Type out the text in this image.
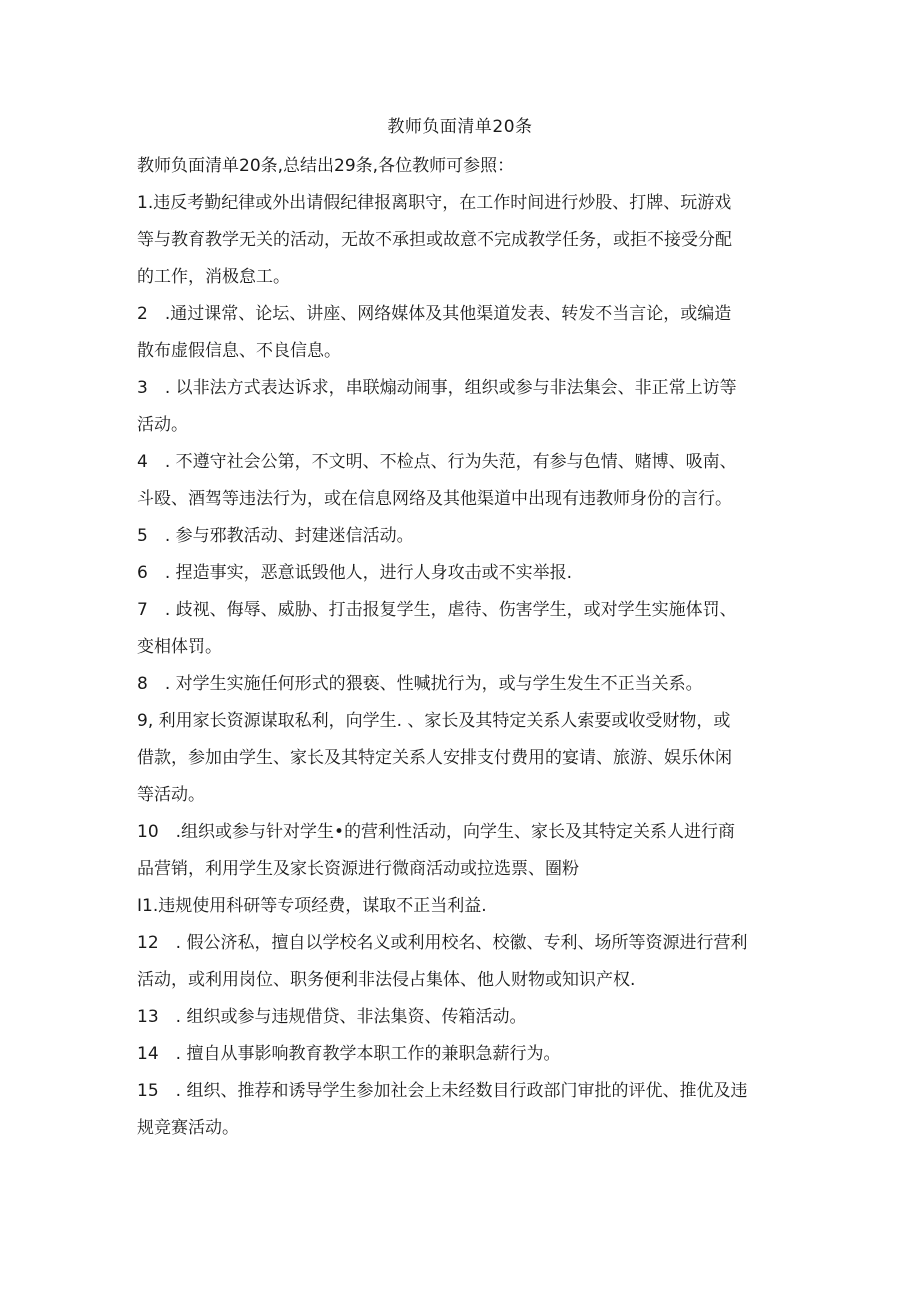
教师负面清单20条

教师负面清单20条,总结出29条,各位教师可参照：

1.违反考勤纪律或外出请假纪律报离职守，在工作时间进行炒股、打牌、玩游戏
等与教育教学无关的活动，无故不承担或故意不完成教学任务，或拒不接受分配
的工作，消极怠工。

2　.通过课常、论坛、讲座、网络媒体及其他渠道发表、转发不当言论，或编造
散布虚假信息、不良信息。

3　. 以非法方式表达诉求，串联煽动闹事，组织或参与非法集会、非正常上访等
活动。

4　. 不遵守社会公第，不文明、不检点、行为失范，有参与色情、赌博、吸南、
斗殴、酒驾等违法行为，或在信息网络及其他渠道中出现有违教师身份的言行。

5　. 参与邪教活动、封建迷信活动。

6　. 捏造事实，恶意诋毁他人，进行人身攻击或不实举报.

7　. 歧视、侮辱、威胁、打击报复学生，虐待、伤害学生，或对学生实施体罚、
变相体罚。

8　. 对学生实施任何形式的猥亵、性喊扰行为，或与学生发生不正当关系。

9, 利用家长资源谋取私利，向学生. 、家长及其特定关系人索要或收受财物，或
借款，参加由学生、家长及其特定关系人安排支付费用的宴请、旅游、娱乐休闲
等活动。

10　.组织或参与针对学生•的营利性活动，向学生、家长及其特定关系人进行商
品营销，利用学生及家长资源进行微商活动或拉选票、圈粉

I1.违规使用科研等专项经费，谋取不正当利益.

12　. 假公济私，擅自以学校名义或利用校名、校徽、专利、场所等资源进行营利
活动，或利用岗位、职务便利非法侵占集体、他人财物或知识产权.

13　. 组织或参与违规借贷、非法集资、传箱活动。

14　. 擅自从事影响教育教学本职工作的兼职急薪行为。

15　. 组织、推荐和诱导学生参加社会上未经数目行政部门审批的评优、推优及违
规竞赛活动。
